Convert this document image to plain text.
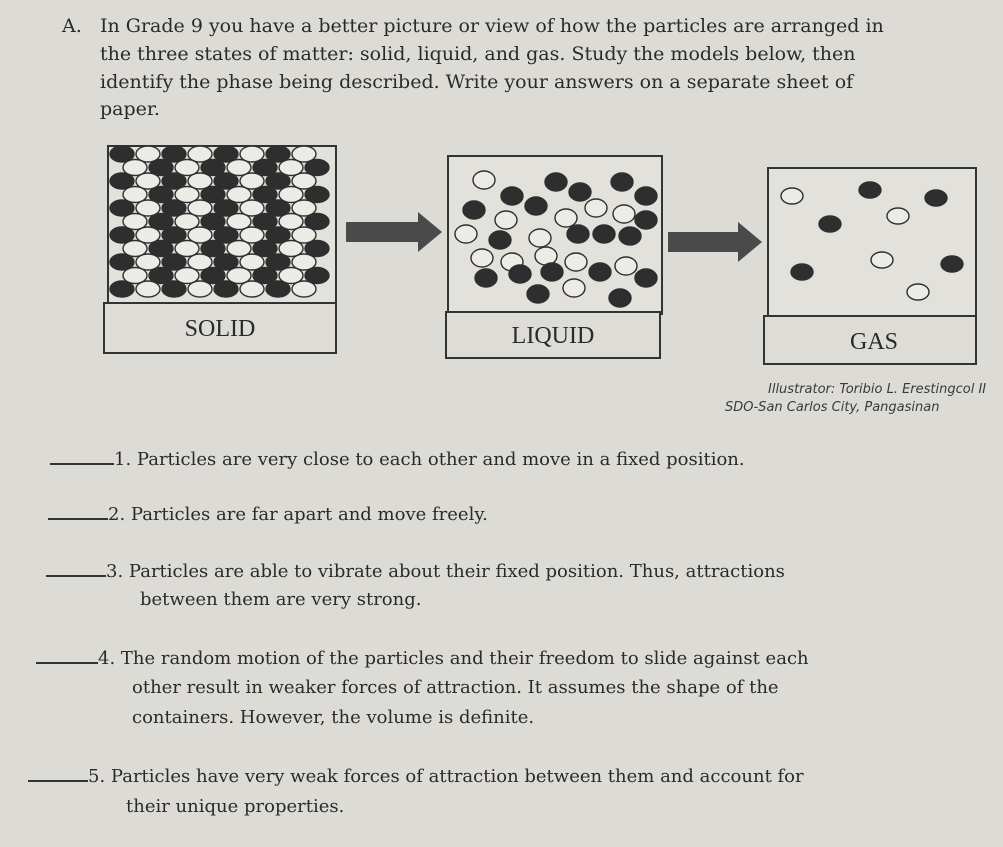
A. In Grade 9 you have a better picture or view of how the particles are arranged in

the three states of matter: solid, liquid, and gas. Study the models below, then

identify the phase being described. Write your answers on a separate sheet of

paper.

SOLID	LIQUID	GAS

Illustrator: Toribio L. Erestingcol II

SDO-San Carlos City, Pangasinan

1. Particles are very close to each other and move in a fixed position.
2. Particles are far apart and move freely.
3. Particles are able to vibrate about their fixed position. Thus, attractions
between them are very strong.
4. The random motion of the particles and their freedom to slide against each
other result in weaker forces of attraction. It assumes the shape of the
containers. However, the volume is definite.
5. Particles have very weak forces of attraction between them and account for
their unique properties.
